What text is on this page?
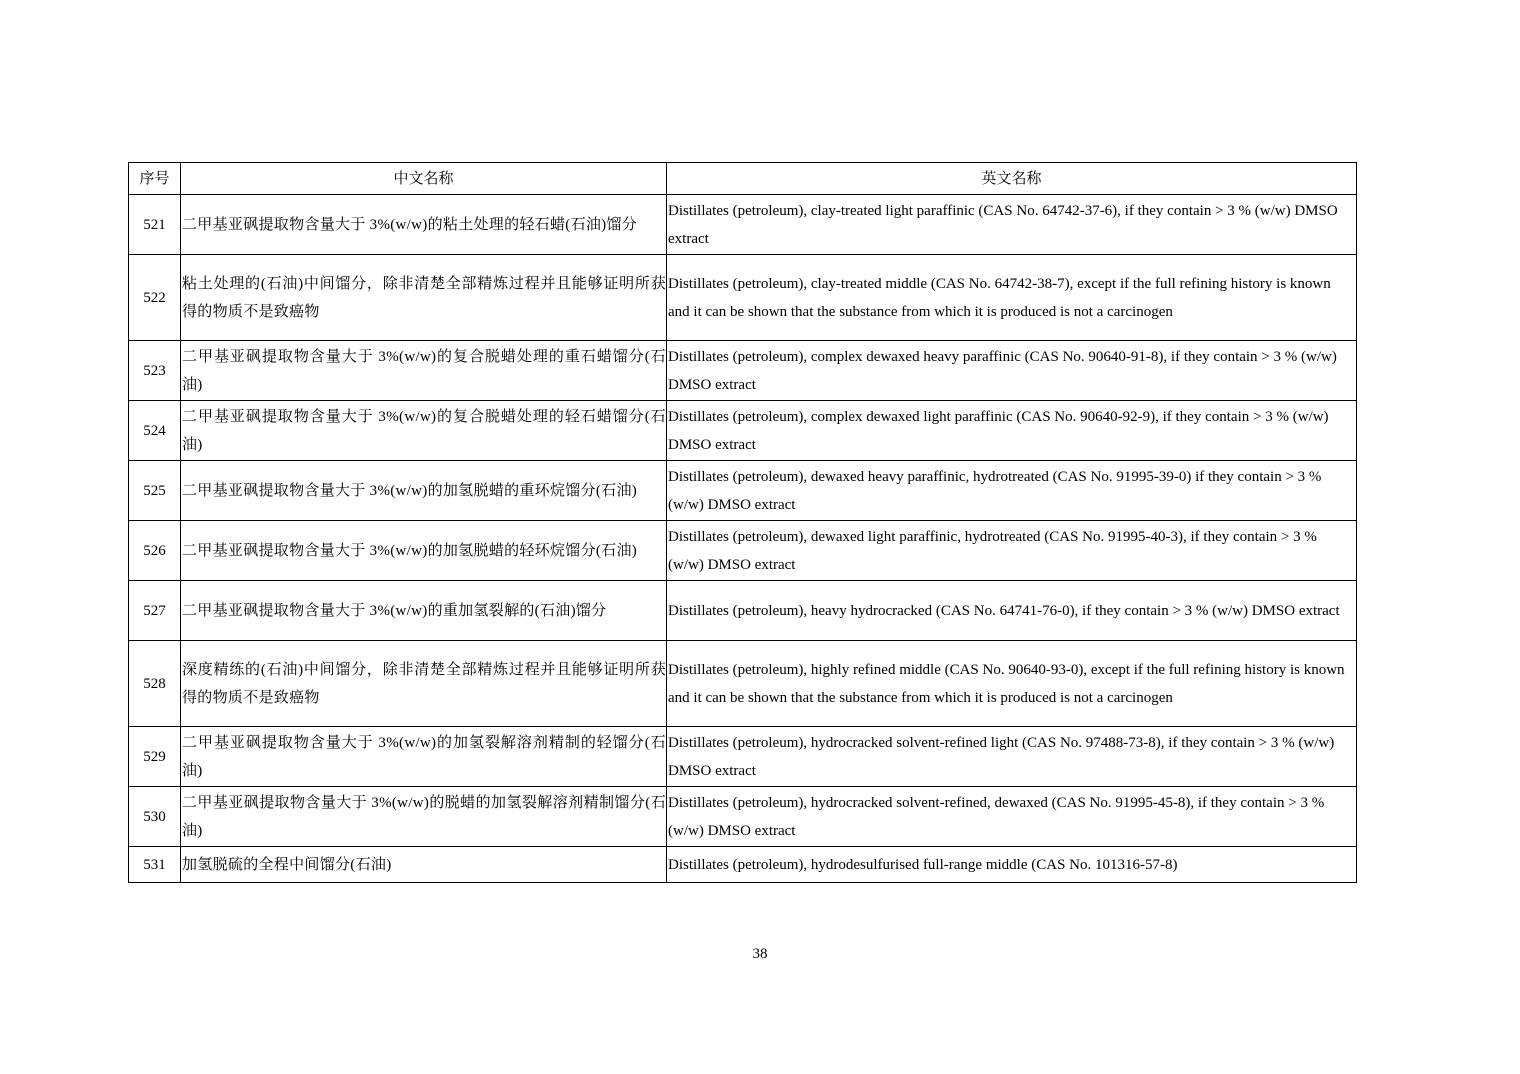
序号	中文名称	英文名称
521	二甲基亚砜提取物含量大于 3%(w/w)的粘土处理的轻石蜡(石油)馏分	Distillates (petroleum), clay-treated light paraffinic (CAS No. 64742-37-6), if they contain > 3 % (w/w) DMSO extract
522	粘土处理的(石油)中间馏分，除非清楚全部精炼过程并且能够证明所获得的物质不是致癌物	Distillates (petroleum), clay-treated middle (CAS No. 64742-38-7), except if the full refining history is known and it can be shown that the substance from which it is produced is not a carcinogen
523	二甲基亚砜提取物含量大于 3%(w/w)的复合脱蜡处理的重石蜡馏分(石油)	Distillates (petroleum), complex dewaxed heavy paraffinic (CAS No. 90640-91-8), if they contain > 3 % (w/w) DMSO extract
524	二甲基亚砜提取物含量大于 3%(w/w)的复合脱蜡处理的轻石蜡馏分(石油)	Distillates (petroleum), complex dewaxed light paraffinic (CAS No. 90640-92-9), if they contain > 3 % (w/w) DMSO extract
525	二甲基亚砜提取物含量大于 3%(w/w)的加氢脱蜡的重环烷馏分(石油)	Distillates (petroleum), dewaxed heavy paraffinic, hydrotreated (CAS No. 91995-39-0) if they contain > 3 % (w/w) DMSO extract
526	二甲基亚砜提取物含量大于 3%(w/w)的加氢脱蜡的轻环烷馏分(石油)	Distillates (petroleum), dewaxed light paraffinic, hydrotreated (CAS No. 91995-40-3), if they contain > 3 % (w/w) DMSO extract
527	二甲基亚砜提取物含量大于 3%(w/w)的重加氢裂解的(石油)馏分	Distillates (petroleum), heavy hydrocracked (CAS No. 64741-76-0), if they contain > 3 % (w/w) DMSO extract
528	深度精练的(石油)中间馏分，除非清楚全部精炼过程并且能够证明所获得的物质不是致癌物	Distillates (petroleum), highly refined middle (CAS No. 90640-93-0), except if the full refining history is known and it can be shown that the substance from which it is produced is not a carcinogen
529	二甲基亚砜提取物含量大于 3%(w/w)的加氢裂解溶剂精制的轻馏分(石油)	Distillates (petroleum), hydrocracked solvent-refined light (CAS No. 97488-73-8), if they contain > 3 % (w/w) DMSO extract
530	二甲基亚砜提取物含量大于 3%(w/w)的脱蜡的加氢裂解溶剂精制馏分(石油)	Distillates (petroleum), hydrocracked solvent-refined, dewaxed (CAS No. 91995-45-8), if they contain > 3 % (w/w) DMSO extract
531	加氢脱硫的全程中间馏分(石油)	Distillates (petroleum), hydrodesulfurised full-range middle (CAS No. 101316-57-8)
38
